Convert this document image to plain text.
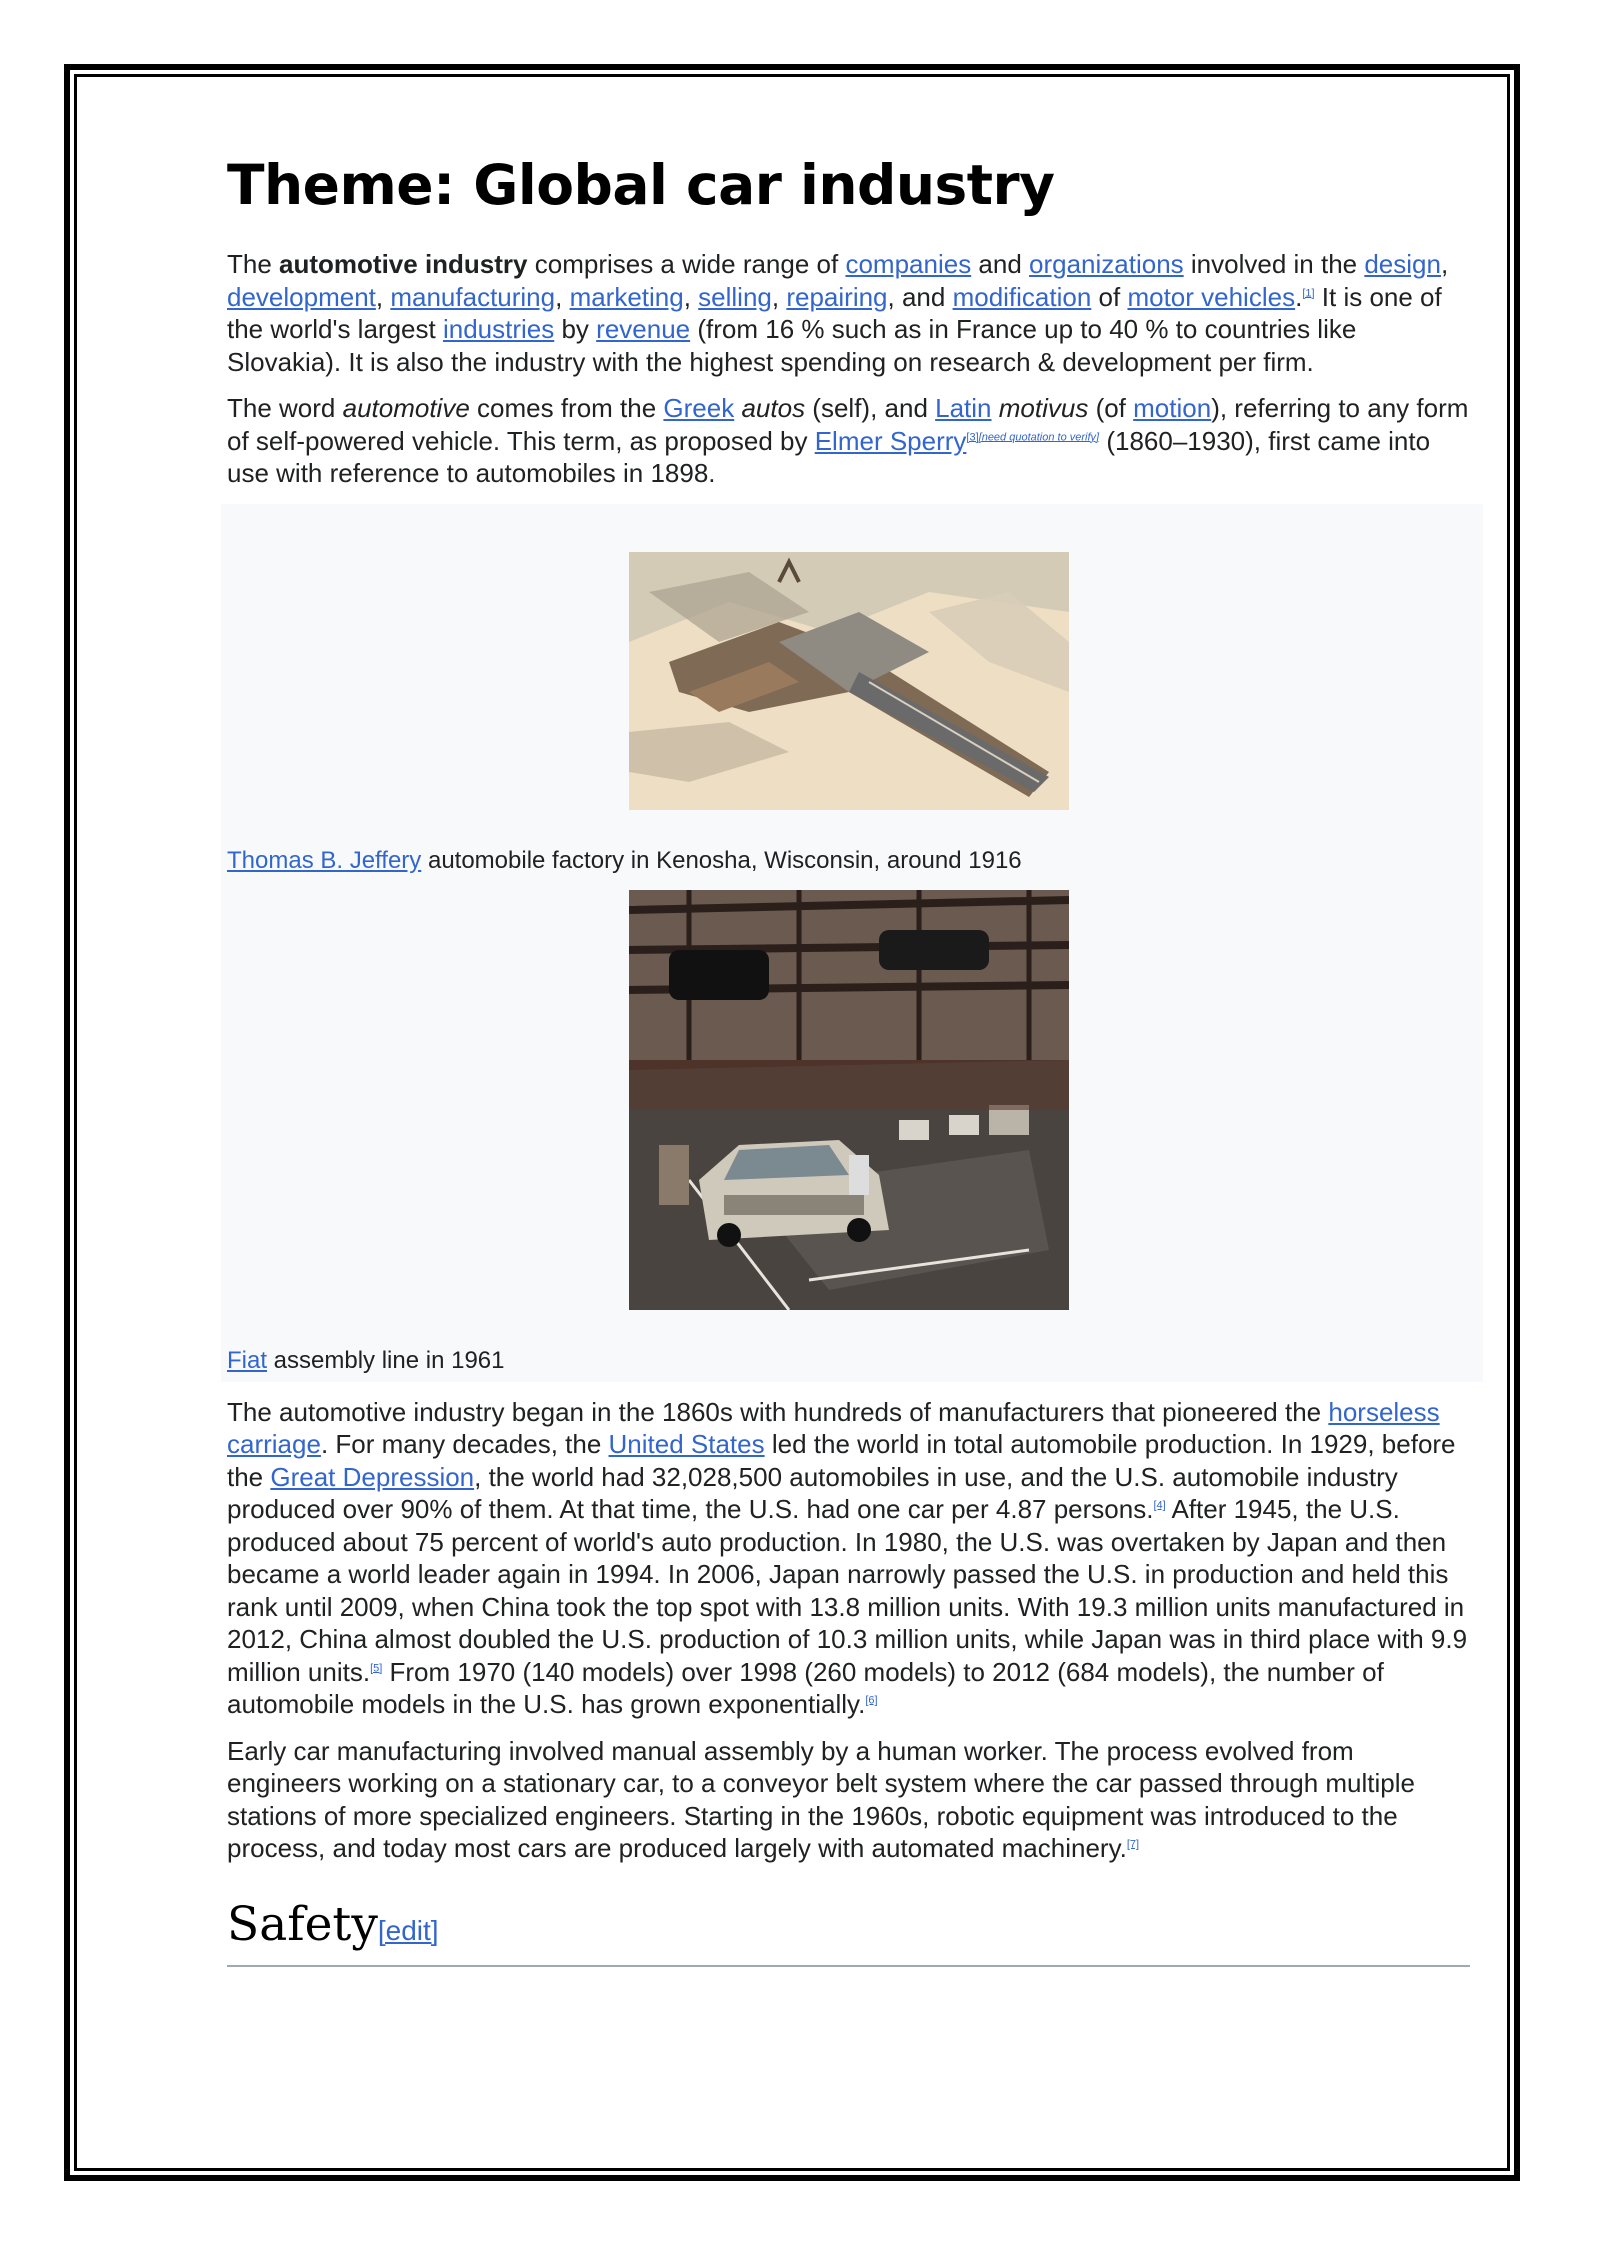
Theme: Global car industry

The automotive industry comprises a wide range of companies and organizations involved in the design, development, manufacturing, marketing, selling, repairing, and modification of motor vehicles.[1] It is one of the world's largest industries by revenue (from 16 % such as in France up to 40 % to countries like Slovakia). It is also the industry with the highest spending on research & development per firm.

The word automotive comes from the Greek autos (self), and Latin motivus (of motion), referring to any form of self-powered vehicle. This term, as proposed by Elmer Sperry[3][need quotation to verify] (1860–1930), first came into use with reference to automobiles in 1898.

Thomas B. Jeffery automobile factory in Kenosha, Wisconsin, around 1916
Fiat assembly line in 1961

The automotive industry began in the 1860s with hundreds of manufacturers that pioneered the horseless carriage. For many decades, the United States led the world in total automobile production. In 1929, before the Great Depression, the world had 32,028,500 automobiles in use, and the U.S. automobile industry produced over 90% of them. At that time, the U.S. had one car per 4.87 persons.[4] After 1945, the U.S. produced about 75 percent of world's auto production. In 1980, the U.S. was overtaken by Japan and then became a world leader again in 1994. In 2006, Japan narrowly passed the U.S. in production and held this rank until 2009, when China took the top spot with 13.8 million units. With 19.3 million units manufactured in 2012, China almost doubled the U.S. production of 10.3 million units, while Japan was in third place with 9.9 million units.[5] From 1970 (140 models) over 1998 (260 models) to 2012 (684 models), the number of automobile models in the U.S. has grown exponentially.[6]

Early car manufacturing involved manual assembly by a human worker. The process evolved from engineers working on a stationary car, to a conveyor belt system where the car passed through multiple stations of more specialized engineers. Starting in the 1960s, robotic equipment was introduced to the process, and today most cars are produced largely with automated machinery.[7]

Safety[edit]
